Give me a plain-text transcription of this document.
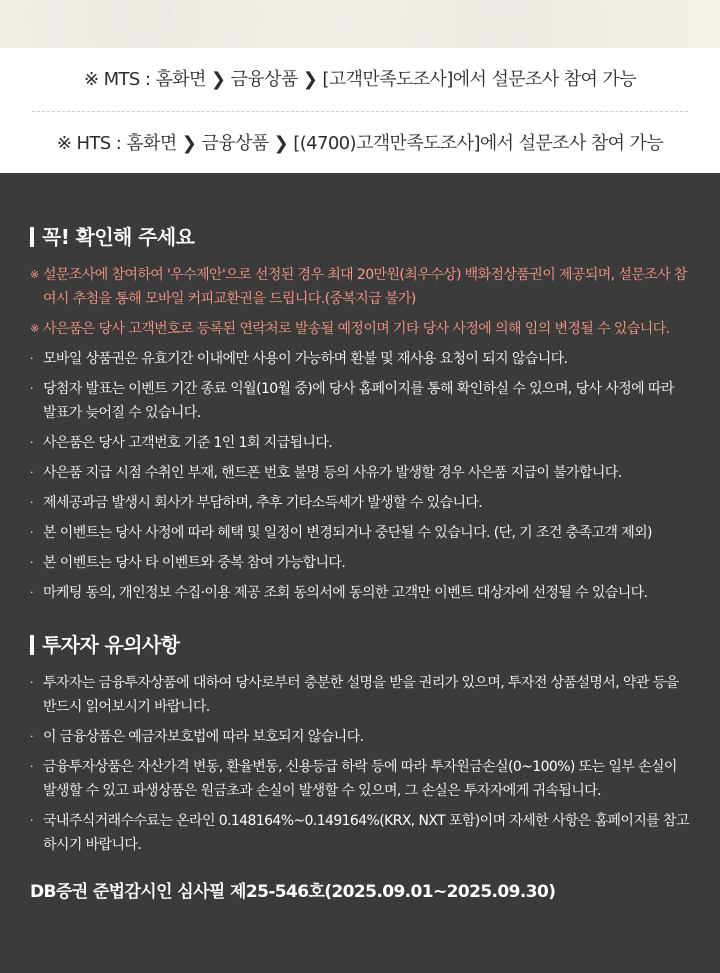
※ MTS : 홈화면 ❯ 금융상품 ❯ [고객만족도조사]에서 설문조사 참여 가능
※ HTS : 홈화면 ❯ 금융상품 ❯ [(4700)고객만족도조사]에서 설문조사 참여 가능
꼭! 확인해 주세요
※ 설문조사에 참여하여 '우수제안'으로 선정된 경우 최대 20만원(최우수상) 백화점상품권이 제공되며, 설문조사 참여시 추첨을 통해 모바일 커피교환권을 드립니다.(중복지급 불가)
※ 사은품은 당사 고객번호로 등록된 연락처로 발송될 예정이며 기타 당사 사정에 의해 임의 변경될 수 있습니다.
· 모바일 상품권은 유효기간 이내에만 사용이 가능하며 환불 및 재사용 요청이 되지 않습니다.
· 당첨자 발표는 이벤트 기간 종료 익월(10월 중)에 당사 홈페이지를 통해 확인하실 수 있으며, 당사 사정에 따라 발표가 늦어질 수 있습니다.
· 사은품은 당사 고객번호 기준 1인 1회 지급됩니다.
· 사은품 지급 시점 수취인 부재, 핸드폰 번호 불명 등의 사유가 발생할 경우 사은품 지급이 불가합니다.
· 제세공과금 발생시 회사가 부담하며, 추후 기타소득세가 발생할 수 있습니다.
· 본 이벤트는 당사 사정에 따라 혜택 및 일정이 변경되거나 중단될 수 있습니다. (단, 기 조건 충족고객 제외)
· 본 이벤트는 당사 타 이벤트와 중복 참여 가능합니다.
· 마케팅 동의, 개인정보 수집·이용 제공 조회 동의서에 동의한 고객만 이벤트 대상자에 선정될 수 있습니다.
투자자 유의사항
· 투자자는 금융투자상품에 대하여 당사로부터 충분한 설명을 받을 권리가 있으며, 투자전 상품설명서, 약관 등을 반드시 읽어보시기 바랍니다.
· 이 금융상품은 예금자보호법에 따라 보호되지 않습니다.
· 금융투자상품은 자산가격 변동, 환율변동, 신용등급 하락 등에 따라 투자원금손실(0~100%) 또는 일부 손실이 발생할 수 있고 파생상품은 원금초과 손실이 발생할 수 있으며, 그 손실은 투자자에게 귀속됩니다.
· 국내주식거래수수료는 온라인 0.148164%~0.149164%(KRX, NXT 포함)이며 자세한 사항은 홈페이지를 참고하시기 바랍니다.
DB증권 준법감시인 심사필 제25-546호(2025.09.01~2025.09.30)
